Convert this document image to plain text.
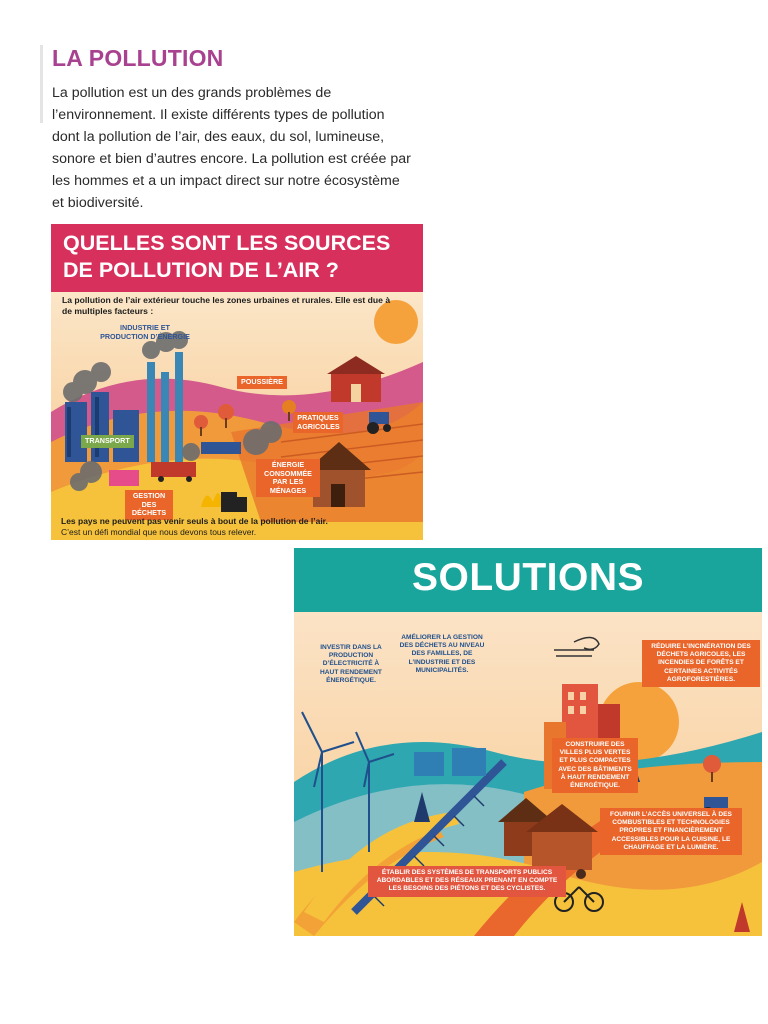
LA POLLUTION

La pollution est un des grands problèmes de l’environnement. Il existe différents types de pollution dont la pollution de l’air, des eaux, du sol, lumineuse, sonore et bien d’autres encore. La pollution est créée par les hommes et a un impact direct sur notre écosystème et biodiversité.

QUELLES SONT LES SOURCES
DE POLLUTION DE L’AIR ?

La pollution de l’air extérieur touche les zones urbaines et rurales. Elle est due à de multiples facteurs :

INDUSTRIE ET PRODUCTION D’ÉNERGIE
POUSSIÈRE
PRATIQUES AGRICOLES
TRANSPORT
ÉNERGIE CONSOMMÉE PAR LES MÉNAGES
GESTION DES DÉCHETS

Les pays ne peuvent pas venir seuls à bout de la pollution de l’air.
C’est un défi mondial que nous devons tous relever.

SOLUTIONS
INVESTIR DANS LA PRODUCTION D’ÉLECTRICITÉ À HAUT RENDEMENT ÉNERGÉTIQUE.
AMÉLIORER LA GESTION DES DÉCHETS AU NIVEAU DES FAMILLES, DE L’INDUSTRIE ET DES MUNICIPALITÉS.
RÉDUIRE L’INCINÉRATION DES DÉCHETS AGRICOLES, LES INCENDIES DE FORÊTS ET CERTAINES ACTIVITÉS AGROFORESTIÈRES.
CONSTRUIRE DES VILLES PLUS VERTES ET PLUS COMPACTES AVEC DES BÂTIMENTS À HAUT RENDEMENT ÉNERGÉTIQUE.
FOURNIR L’ACCÈS UNIVERSEL À DES COMBUSTIBLES ET TECHNOLOGIES PROPRES ET FINANCIÈREMENT ACCESSIBLES POUR LA CUISINE, LE CHAUFFAGE ET LA LUMIÈRE.
ÉTABLIR DES SYSTÈMES DE TRANSPORTS PUBLICS ABORDABLES ET DES RÉSEAUX PRENANT EN COMPTE LES BESOINS DES PIÉTONS ET DES CYCLISTES.
